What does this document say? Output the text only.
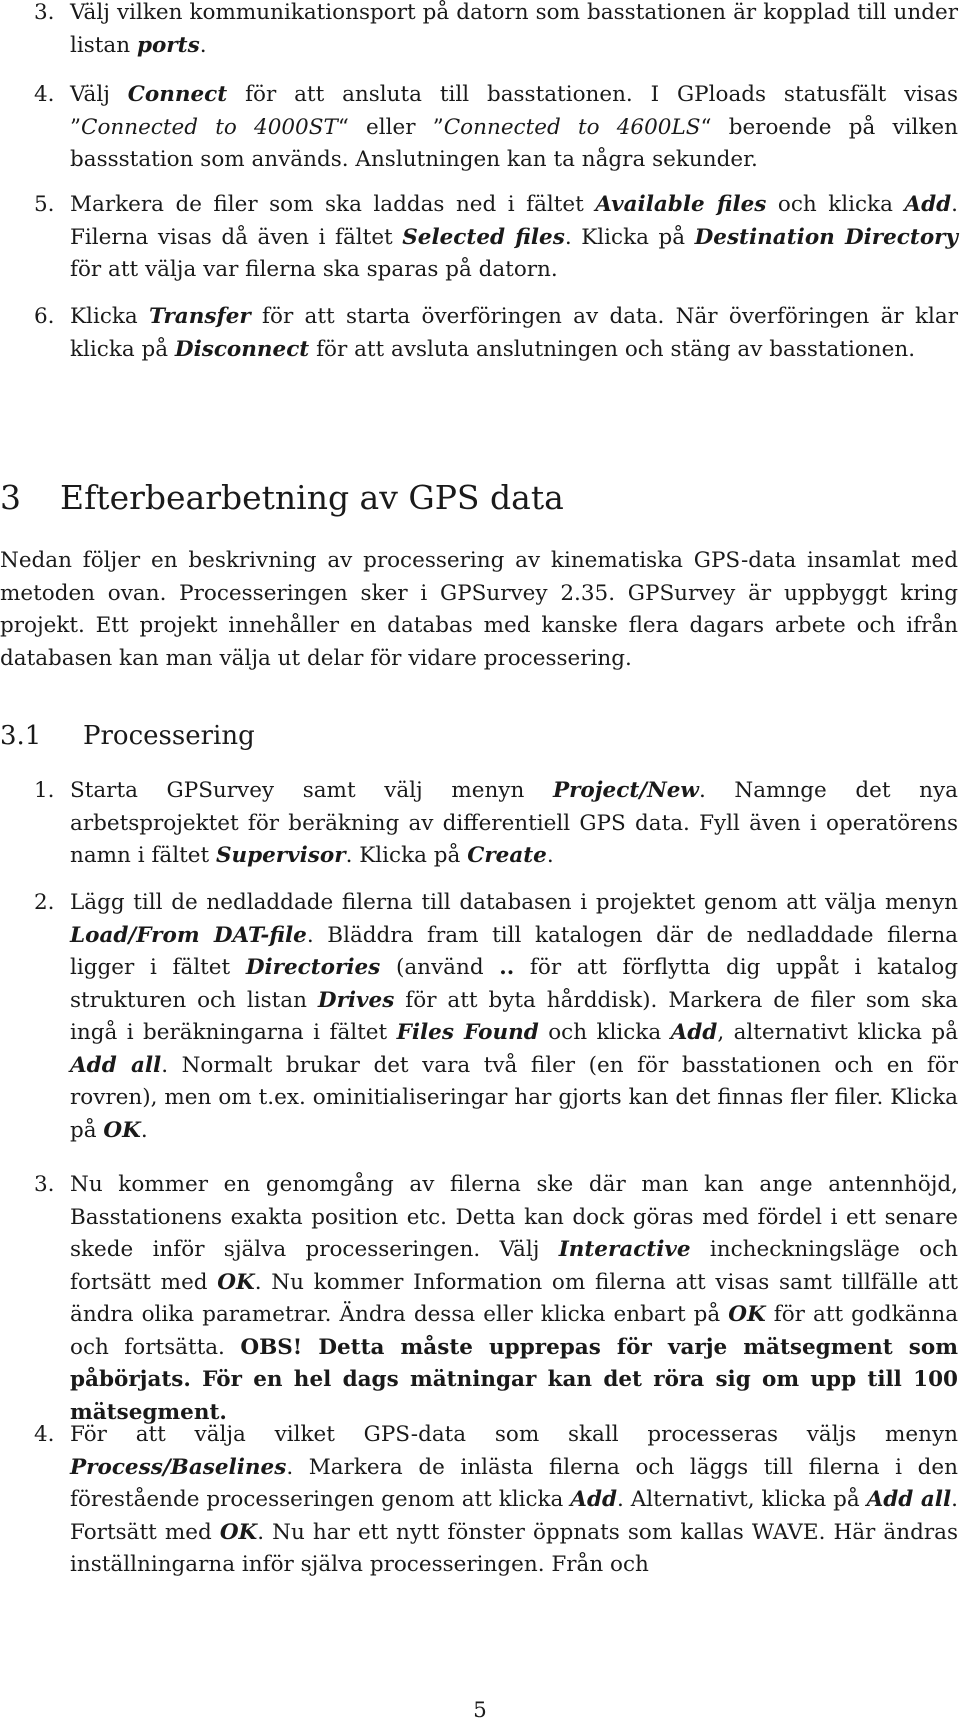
3. Välj vilken kommunikationsport på datorn som basstationen är kopplad till under listan ports.
4. Välj Connect för att ansluta till basstationen. I GPloads statusfält visas ”Connected to 4000ST“ eller ”Connected to 4600LS“ beroende på vilken bassstation som används. Anslutningen kan ta några sekunder.
5. Markera de filer som ska laddas ned i fältet Available files och klicka Add. Filerna visas då även i fältet Selected files. Klicka på Destination Directory för att välja var filerna ska sparas på datorn.
6. Klicka Transfer för att starta överföringen av data. När överföringen är klar klicka på Disconnect för att avsluta anslutningen och stäng av basstationen.
3 Efterbearbetning av GPS data
Nedan följer en beskrivning av processering av kinematiska GPS-data insamlat med metoden ovan. Processeringen sker i GPSurvey 2.35. GPSurvey är uppbyggt kring projekt. Ett projekt innehåller en databas med kanske flera dagars arbete och ifrån databasen kan man välja ut delar för vidare processering.
3.1 Processering
1. Starta GPSurvey samt välj menyn Project/New. Namnge det nya arbetsprojektet för beräkning av differentiell GPS data. Fyll även i operatörens namn i fältet Supervisor. Klicka på Create.
2. Lägg till de nedladdade filerna till databasen i projektet genom att välja menyn Load/From DAT-file. Bläddra fram till katalogen där de nedladdade filerna ligger i fältet Directories (använd .. för att förflytta dig uppåt i katalog strukturen och listan Drives för att byta hårddisk). Markera de filer som ska ingå i beräkningarna i fältet Files Found och klicka Add, alternativt klicka på Add all. Normalt brukar det vara två filer (en för basstationen och en för rovren), men om t.ex. ominitialiseringar har gjorts kan det finnas fler filer. Klicka på OK.
3. Nu kommer en genomgång av filerna ske där man kan ange antennhöjd, Basstationens exakta position etc. Detta kan dock göras med fördel i ett senare skede inför själva processeringen. Välj Interactive incheckningsläge och fortsätt med OK. Nu kommer Information om filerna att visas samt tillfälle att ändra olika parametrar. Ändra dessa eller klicka enbart på OK för att godkänna och fortsätta. OBS! Detta måste upprepas för varje mätsegment som påbörjats. För en hel dags mätningar kan det röra sig om upp till 100 mätsegment.
4. För att välja vilket GPS-data som skall processeras väljs menyn Process/Baselines. Markera de inlästa filerna och läggs till filerna i den förestående processeringen genom att klicka Add. Alternativt, klicka på Add all. Fortsätt med OK. Nu har ett nytt fönster öppnats som kallas WAVE. Här ändras inställningarna inför själva processeringen. Från och
5
